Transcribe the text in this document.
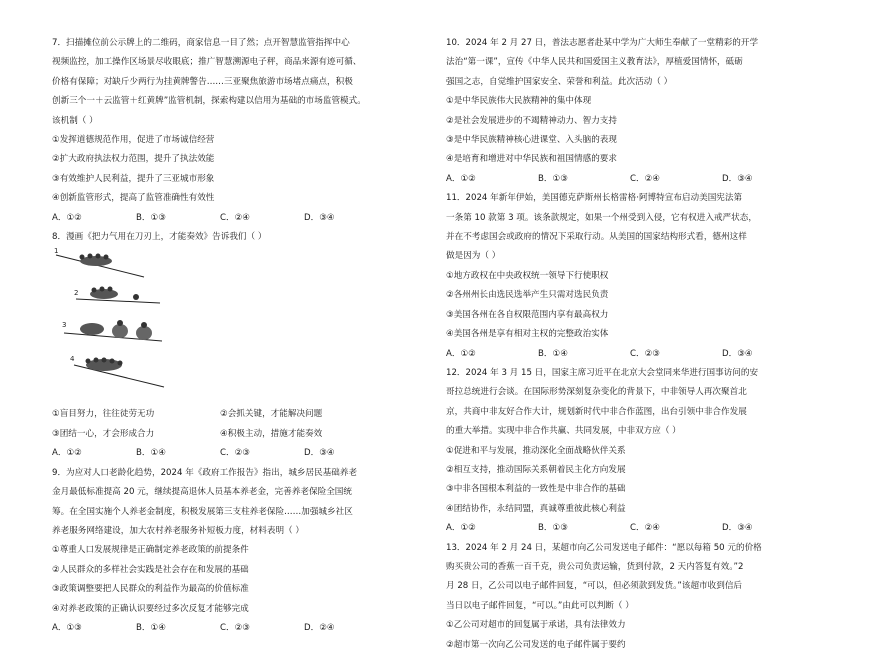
7．扫描摊位前公示牌上的二维码，商家信息一目了然；点开智慧监管指挥中心
视频监控，加工操作区场景尽收眼底；推广智慧溯源电子秤，商品来源有迹可循、
价格有保障；对缺斤少两行为挂黄牌警告……三亚聚焦旅游市场堵点痛点，积极
创新三个一＋云监管＋红黄牌”监管机制，探索构建以信用为基础的市场监管模式。
该机制（ ）
①发挥道德规范作用，促进了市场诚信经营
②扩大政府执法权力范围，提升了执法效能
③有效维护人民利益，提升了三亚城市形象
④创新监管形式，提高了监管准确性有效性
A．①②	B．①③	C．②④	D．③④
8．漫画《把力气用在刀刃上，才能奏效》告诉我们（ ）
1
2
3
4
①盲目努力，往往徒劳无功	②会抓关键，才能解决问题
③团结一心，才会形成合力	④积极主动，措施才能奏效
A．①②	B．①④	C．②③	D．③④
9．为应对人口老龄化趋势，2024 年《政府工作报告》指出，城乡居民基础养老
金月最低标准提高 20 元，继续提高退休人员基本养老金，完善养老保险全国统
筹。在全国实施个人养老金制度，积极发展第三支柱养老保险……加强城乡社区
养老服务网络建设，加大农村养老服务补短板力度，材料表明（ ）
①尊重人口发展规律是正确制定养老政策的前提条件
②人民群众的多样社会实践是社会存在和发展的基础
③政策调整要把人民群众的利益作为最高的价值标准
④对养老政策的正确认识要经过多次反复才能够完成
A．①③	B．①④	C．②③	D．②④
10．2024 年 2 月 27 日，普法志愿者赴某中学为广大师生奉献了一堂精彩的开学
法治“第一课”，宣传《中华人民共和国爱国主义教育法》，厚植爱国情怀，砥砺
强国之志，自觉维护国家安全、荣誉和利益。此次活动（ ）
①是中华民族伟大民族精神的集中体现
②是社会发展进步的不竭精神动力、智力支持
③是中华民族精神核心进课堂、入头脑的表现
④是培育和增进对中华民族和祖国情感的要求
A．①②	B．①③	C．②④	D．③④
11．2024 年新年伊始，美国德克萨斯州长格雷格·阿博特宣布启动美国宪法第
一条第 10 款第 3 项。该条款规定，如果一个州受到入侵，它有权进入戒严状态，
并在不考虑国会或政府的情况下采取行动。从美国的国家结构形式看，德州这样
做是因为（ ）
①地方政权在中央政权统一领导下行使职权
②各州州长由选民选举产生只需对选民负责
③美国各州在各自权限范围内享有最高权力
④美国各州是享有相对主权的完整政治实体
A．①②	B．①④	C．②③	D．③④
12．2024 年 3 月 15 日，国家主席习近平在北京大会堂同来华进行国事访问的安
哥拉总统进行会谈。在国际形势深刻复杂变化的背景下，中非领导人再次聚首北
京，共商中非友好合作大计，规划新时代中非合作蓝图，出台引领中非合作发展
的重大举措。实现中非合作共赢、共同发展，中非双方应（ ）
①促进和平与发展，推动深化全面战略伙伴关系
②相互支持，推动国际关系朝着民主化方向发展
③中非各国根本利益的一致性是中非合作的基础
④团结协作，永结同盟，真诚尊重彼此核心利益
A．①②	B．①③	C．②④	D．③④
13．2024 年 2 月 24 日，某超市向乙公司发送电子邮件：“愿以每箱 50 元的价格
购买贵公司的香蕉一百千克，贵公司负责运输，货到付款，2 天内答复有效。”2
月 28 日，乙公司以电子邮件回复，“可以，但必须款到发货。”该超市收到信后
当日以电子邮件回复，“可以。”由此可以判断（ ）
①乙公司对超市的回复属于承诺，具有法律效力
②超市第一次向乙公司发送的电子邮件属于要约
